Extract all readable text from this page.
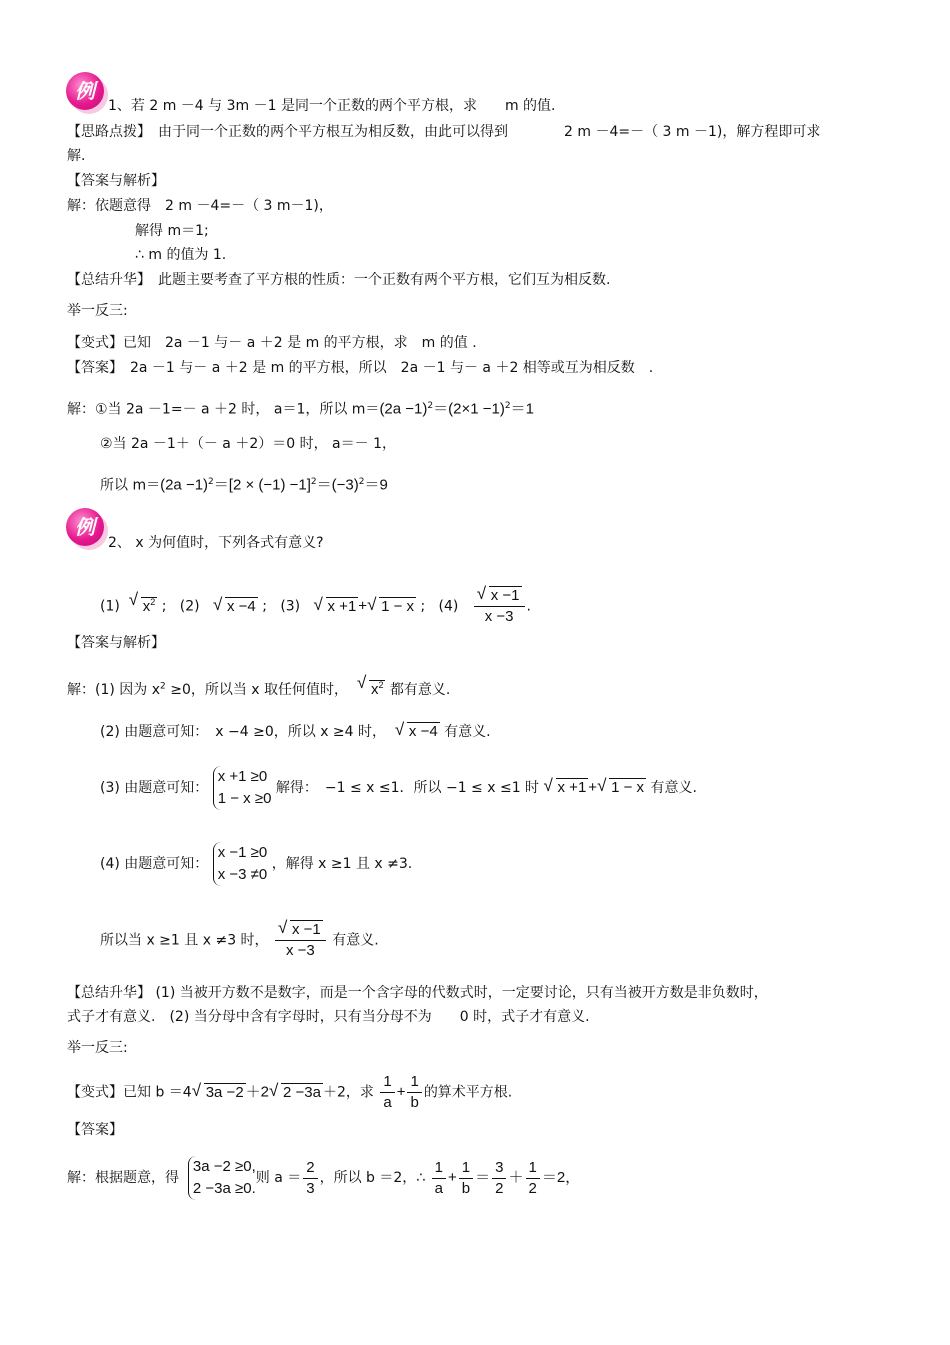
例
1、若 2 m －4 与 3m －1 是同一个正数的两个平方根，求　　m 的值.
【思路点拨】　由于同一个正数的两个平方根互为相反数，由此可以得到　　　　2 m －4=－（ 3 m －1)，解方程即可求
解.
【答案与解析】
解：依题意得　2 m －4=－（ 3 m－1)，
解得 m＝1;
∴ m 的值为 1.
【总结升华】　此题主要考查了平方根的性质：一个正数有两个平方根，它们互为相反数.
举一反三:
【变式】已知　2a －1 与－ a ＋2 是 m 的平方根，求　m 的值 .
【答案】　2a －1 与－ a ＋2 是 m 的平方根，所以　2a －1 与－ a ＋2 相等或互为相反数　.
解：①当 2a －1=－ a ＋2 时， a＝1，所以 $m=(2a -1)^2=(2\times 1 -1)^2=1$
②当 2a －1＋（－ a ＋2）＝0 时， a＝－ 1，
所以 $m=(2a -1)^2=[2 \times (-1) -1]^2=(-3)^2=9$
例
2、 x 为何值时，下列各式有意义?
(1) √ $x^2$ ; (2) √ x −4 ; (3) √ x +1 + √ 1 − x ; (4) √ $\frac{x -1}{x -3}$ .
【答案与解析】
解：(1) 因为 $x^2 \ge 0$，所以当 x 取任何值时， √ $x^2$ 都有意义.
(2) 由题意可知：　x −4 ≥0，所以 x ≥4 时， √ x −4 有意义.
(3) 由题意可知：
x +1 ≥0
1 − x ≥0
解得：　−1 ≤ x ≤1．所以 −1 ≤ x ≤1 时 √ x +1 + √ 1 − x 有意义.
(4) 由题意可知：
x −1 ≥0
x −3 ≠0
，解得 x ≥1 且 x ≠3.
所以当 x ≥1 且 x ≠3 时， √ $\frac{x -1}{x -3}$ 有意义.
【总结升华】 (1) 当被开方数不是数字，而是一个含字母的代数式时，一定要讨论，只有当被开方数是非负数时，
式子才有意义.　(2) 当分母中含有字母时，只有当分母不为　　0 时，式子才有意义.
举一反三:
【变式】已知 b ＝4 √ 3a −2 ＋2 √ 2 −3a ＋2，求 $\frac{1}{a} + \frac{1}{b}$ 的算术平方根.
【答案】
解：根据题意，得
3a −2 ≥0,
2 −3a ≥0.
则 $a = \frac{2}{3}$ ，所以 b ＝2，∴ $\frac{1}{a} + \frac{1}{b} = \frac{3}{2} + \frac{1}{2} =2$，
